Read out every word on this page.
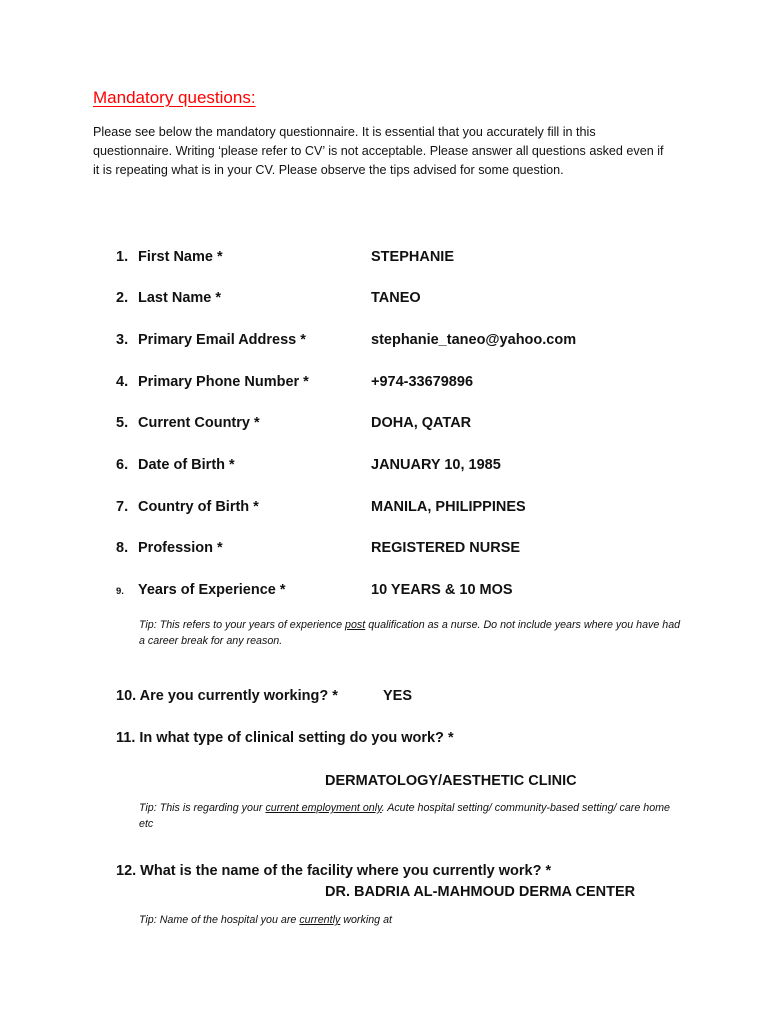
Mandatory questions:

Please see below the mandatory questionnaire. It is essential that you accurately fill in this questionnaire. Writing ‘please refer to CV’ is not acceptable. Please answer all questions asked even if it is repeating what is in your CV. Please observe the tips advised for some question.

1. First Name *	STEPHANIE
2. Last Name *	TANEO
3. Primary Email Address *	stephanie_taneo@yahoo.com
4. Primary Phone Number *	+974-33679896
5. Current Country *	DOHA, QATAR
6. Date of Birth *	JANUARY 10, 1985
7. Country of Birth *	MANILA, PHILIPPINES
8. Profession *	REGISTERED NURSE
9. Years of Experience *	10 YEARS & 10 MOS

Tip: This refers to your years of experience post qualification as a nurse. Do not include years where you have had a career break for any reason.

10. Are you currently working? *	YES
11. In what type of clinical setting do you work? *
DERMATOLOGY/AESTHETIC CLINIC

Tip: This is regarding your current employment only. Acute hospital setting/ community-based setting/ care home etc

12. What is the name of the facility where you currently work? *
DR. BADRIA AL-MAHMOUD DERMA CENTER

Tip: Name of the hospital you are currently working at
